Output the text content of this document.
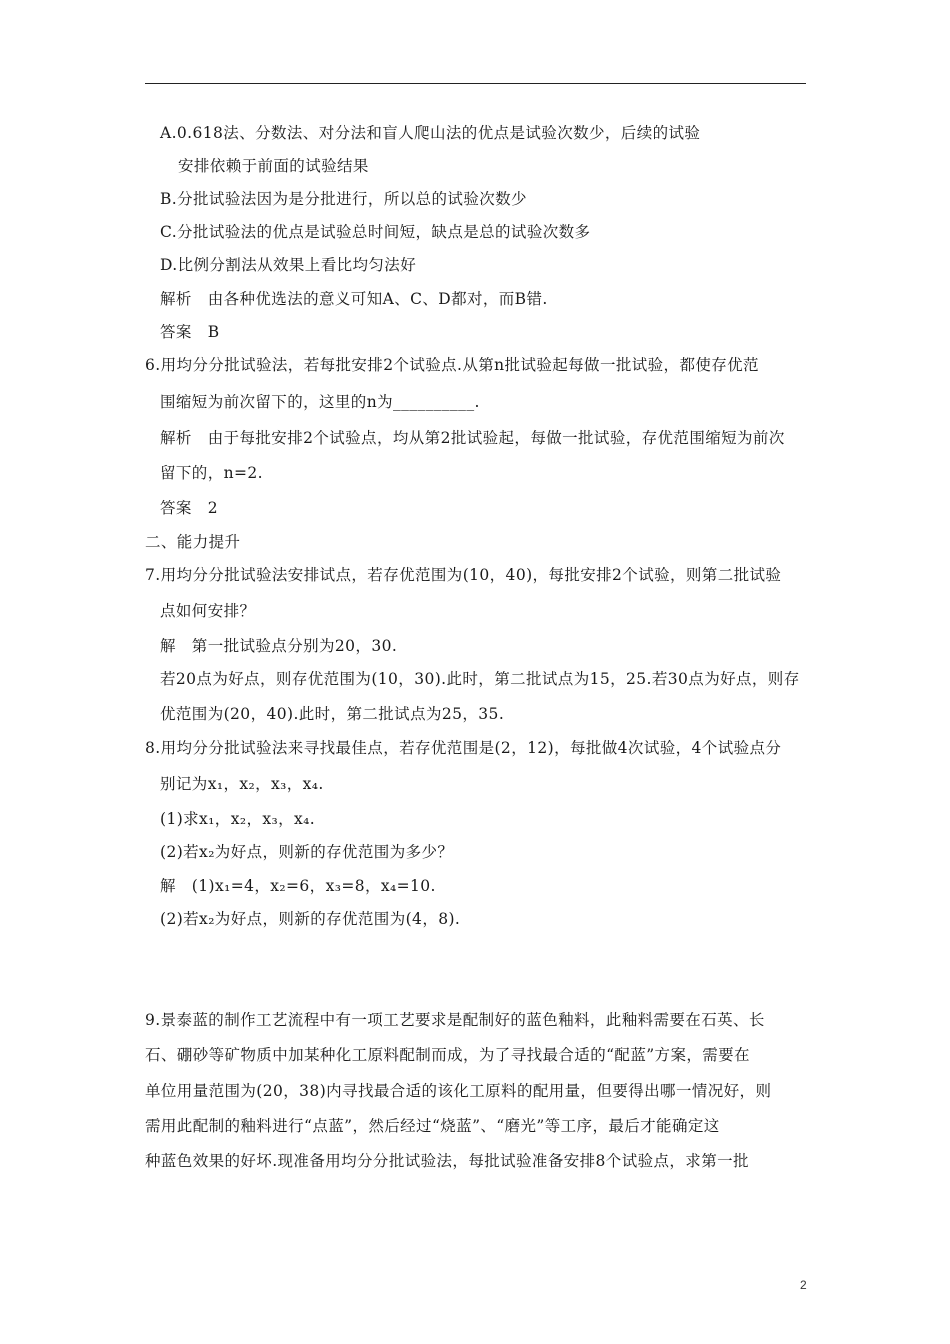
A.0.618法、分数法、对分法和盲人爬山法的优点是试验次数少，后续的试验
安排依赖于前面的试验结果
B.分批试验法因为是分批进行，所以总的试验次数少
C.分批试验法的优点是试验总时间短，缺点是总的试验次数多
D.比例分割法从效果上看比均匀法好
解析　由各种优选法的意义可知A、C、D都对，而B错.
答案　B
6.用均分分批试验法，若每批安排2个试验点.从第n批试验起每做一批试验，都使存优范
围缩短为前次留下的，这里的n为__________.
解析　由于每批安排2个试验点，均从第2批试验起，每做一批试验，存优范围缩短为前次
留下的，n=2.
答案　2
二、能力提升
7.用均分分批试验法安排试点，若存优范围为(10，40)，每批安排2个试验，则第二批试验
点如何安排？
解　第一批试验点分别为20，30.
若20点为好点，则存优范围为(10，30).此时，第二批试点为15，25.若30点为好点，则存
优范围为(20，40).此时，第二批试点为25，35.
8.用均分分批试验法来寻找最佳点，若存优范围是(2，12)，每批做4次试验，4个试验点分
别记为x₁，x₂，x₃，x₄.
(1)求x₁，x₂，x₃，x₄.
(2)若x₂为好点，则新的存优范围为多少？
解　(1)x₁=4，x₂=6，x₃=8，x₄=10.
(2)若x₂为好点，则新的存优范围为(4，8).
9.景泰蓝的制作工艺流程中有一项工艺要求是配制好的蓝色釉料，此釉料需要在石英、长
石、硼砂等矿物质中加某种化工原料配制而成，为了寻找最合适的“配蓝”方案，需要在
单位用量范围为(20，38)内寻找最合适的该化工原料的配用量，但要得出哪一情况好，则
需用此配制的釉料进行“点蓝”，然后经过“烧蓝”、“磨光”等工序，最后才能确定这
种蓝色效果的好坏.现准备用均分分批试验法，每批试验准备安排8个试验点，求第一批
2
